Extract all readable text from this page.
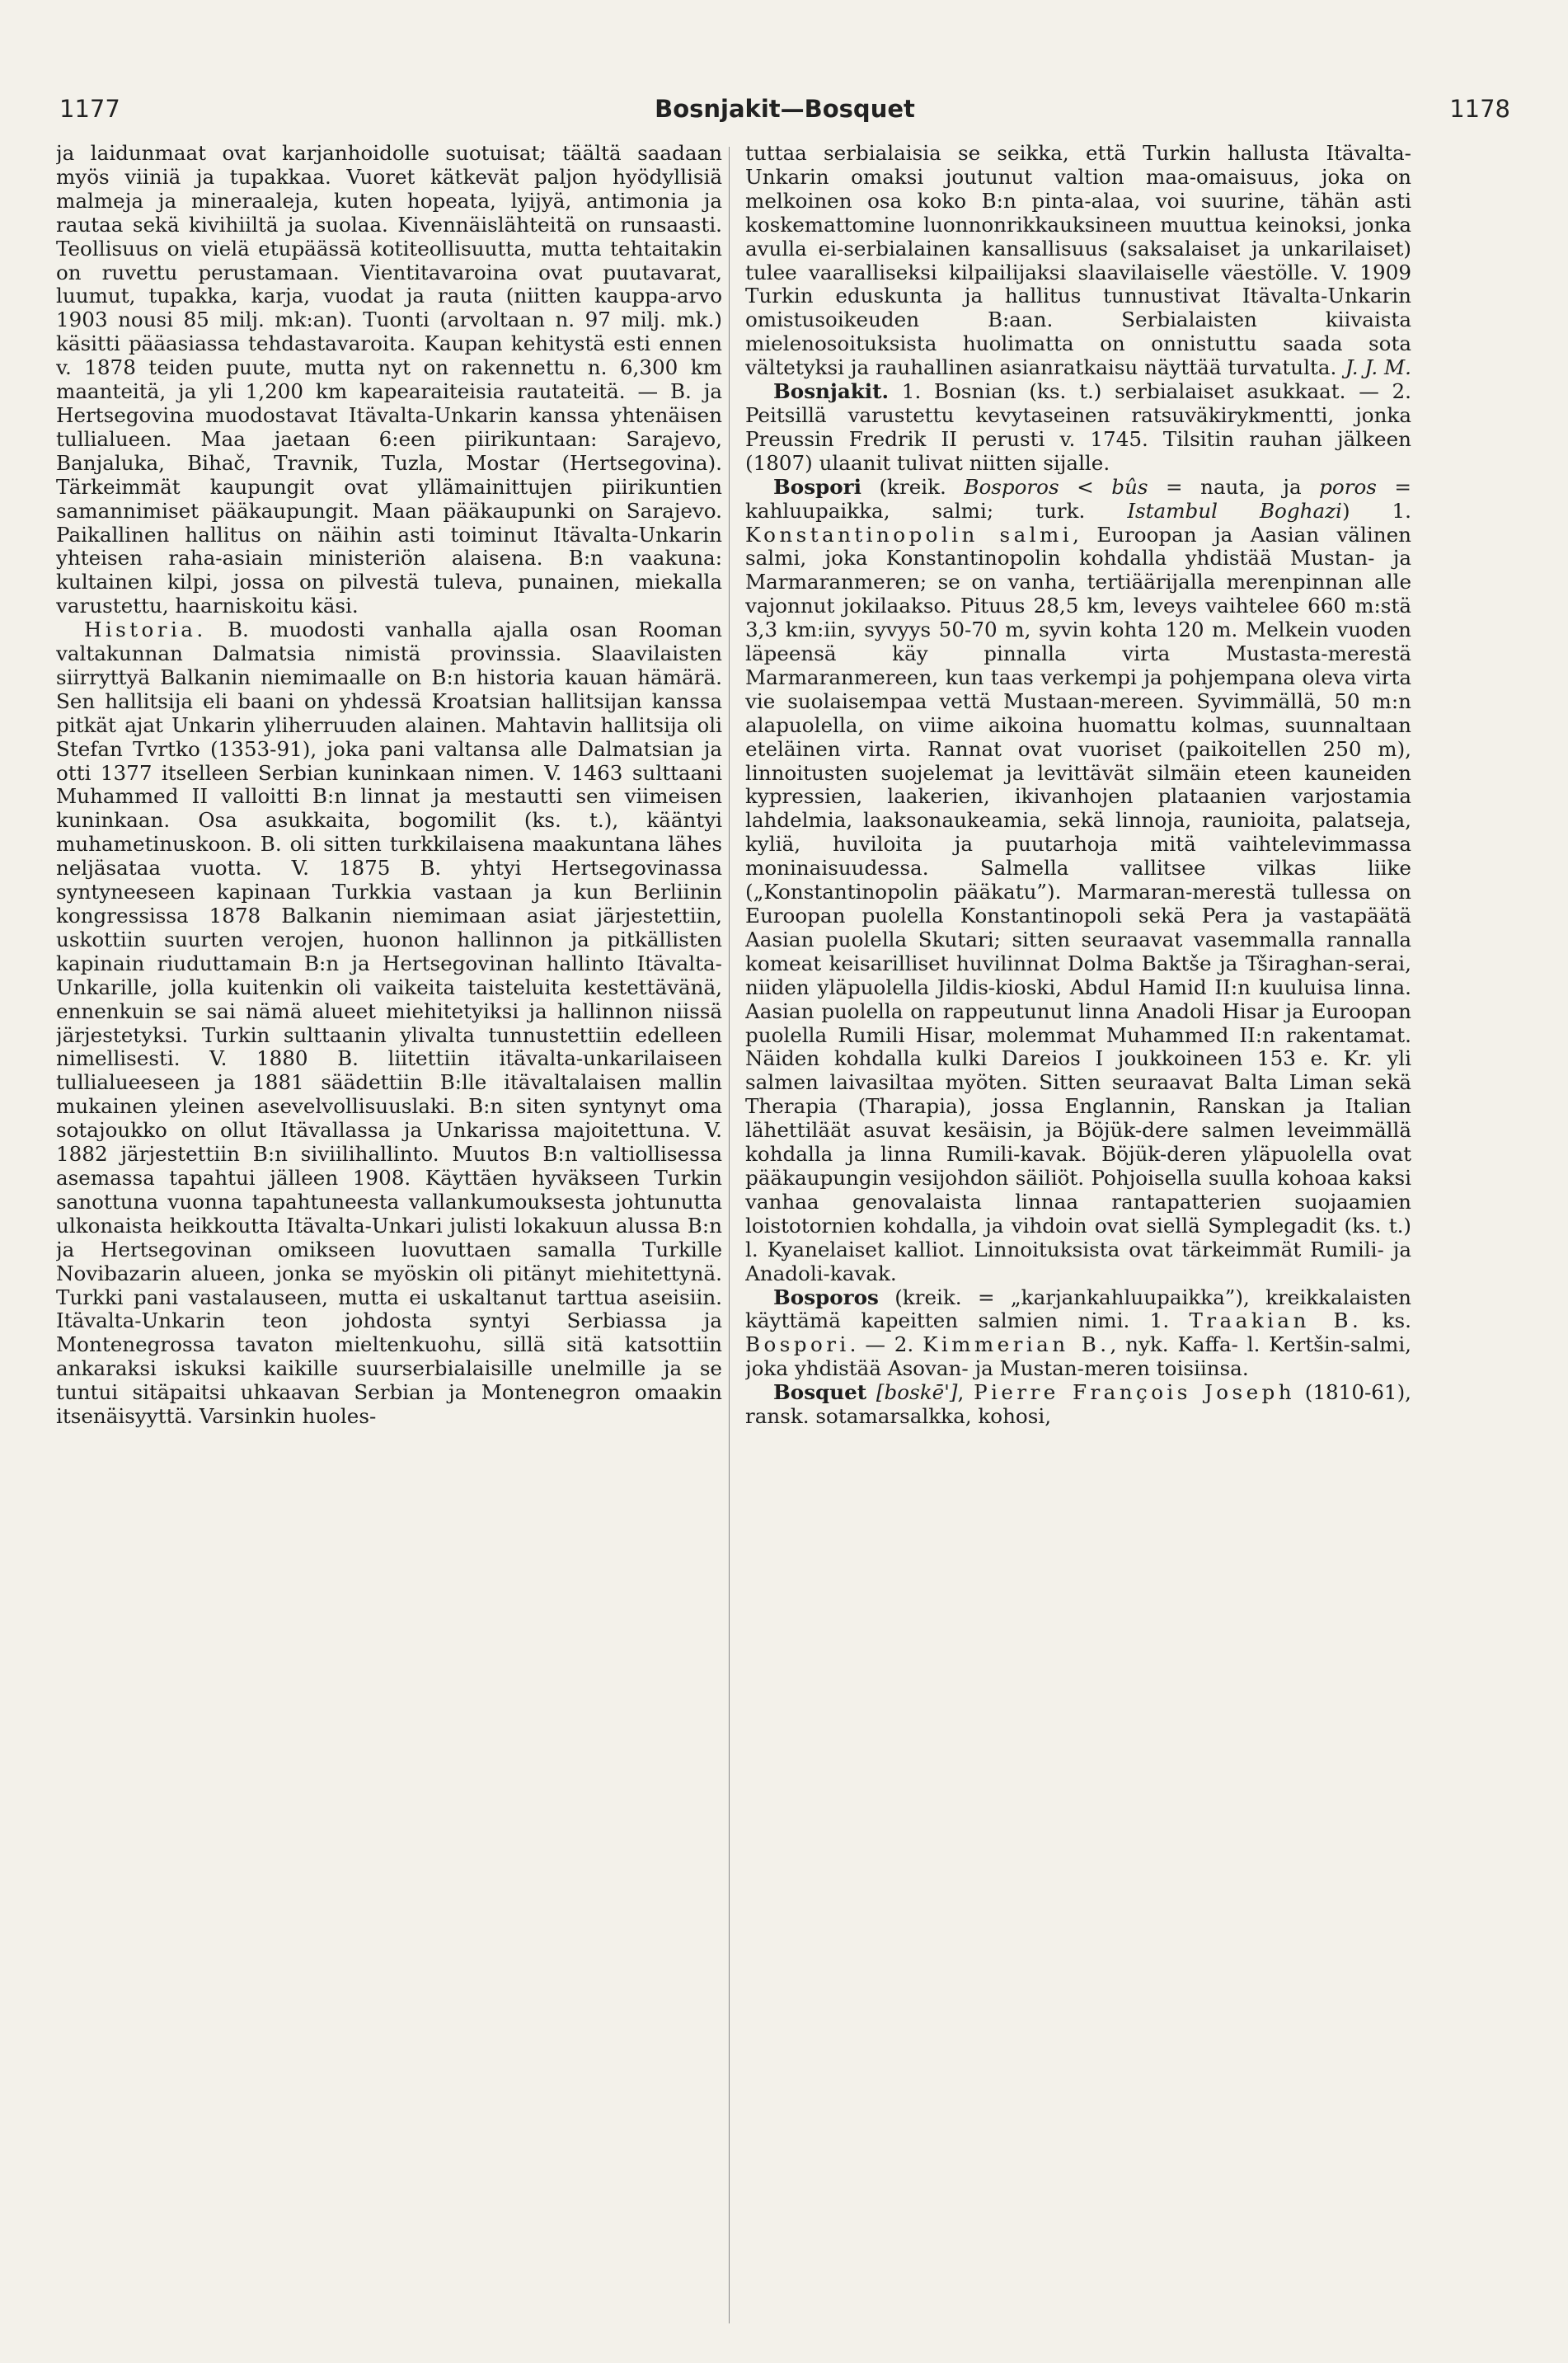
1177	Bosnjakit—Bosquet	1178

ja laidunmaat ovat karjanhoidolle suotuisat; täältä saadaan myös viiniä ja tupakkaa. Vuoret kätkevät paljon hyödyllisiä malmeja ja mineraaleja, kuten hopeata, lyijyä, antimonia ja rautaa sekä kivihiiltä ja suolaa. Kivennäislähteitä on runsaasti. Teollisuus on vielä etupäässä kotiteollisuutta, mutta tehtaitakin on ruvettu perustamaan. Vientitavaroina ovat puutavarat, luumut, tupakka, karja, vuodat ja rauta (niitten kauppa-arvo 1903 nousi 85 milj. mk:an). Tuonti (arvoltaan n. 97 milj. mk.) käsitti pääasiassa tehdastavaroita. Kaupan kehitystä esti ennen v. 1878 teiden puute, mutta nyt on rakennettu n. 6,300 km maanteitä, ja yli 1,200 km kapearaiteisia rautateitä. — B. ja Hertsegovina muodostavat Itävalta-Unkarin kanssa yhtenäisen tullialueen. Maa jaetaan 6:een piirikuntaan: Sarajevo, Banjaluka, Bihač, Travnik, Tuzla, Mostar (Hertsegovina). Tärkeimmät kaupungit ovat yllämainittujen piirikuntien samannimiset pääkaupungit. Maan pääkaupunki on Sarajevo. Paikallinen hallitus on näihin asti toiminut Itävalta-Unkarin yhteisen raha-asiain ministeriön alaisena. B:n vaakuna: kultainen kilpi, jossa on pilvestä tuleva, punainen, miekalla varustettu, haarniskoitu käsi.

Historia. B. muodosti vanhalla ajalla osan Rooman valtakunnan Dalmatsia nimistä provinssia. Slaavilaisten siirryttyä Balkanin niemimaalle on B:n historia kauan hämärä. Sen hallitsija eli baani on yhdessä Kroatsian hallitsijan kanssa pitkät ajat Unkarin yliherruuden alainen. Mahtavin hallitsija oli Stefan Tvrtko (1353-91), joka pani valtansa alle Dalmatsian ja otti 1377 itselleen Serbian kuninkaan nimen. V. 1463 sulttaani Muhammed II valloitti B:n linnat ja mestautti sen viimeisen kuninkaan. Osa asukkaita, bogomilit (ks. t.), kääntyi muhametinuskoon. B. oli sitten turkkilaisena maakuntana lähes neljäsataa vuotta. V. 1875 B. yhtyi Hertsegovinassa syntyneeseen kapinaan Turkkia vastaan ja kun Berliinin kongressissa 1878 Balkanin niemimaan asiat järjestettiin, uskottiin suurten verojen, huonon hallinnon ja pitkällisten kapinain riuduttamain B:n ja Hertsegovinan hallinto Itävalta-Unkarille, jolla kuitenkin oli vaikeita taisteluita kestettävänä, ennenkuin se sai nämä alueet miehitetyiksi ja hallinnon niissä järjestetyksi. Turkin sulttaanin ylivalta tunnustettiin edelleen nimellisesti. V. 1880 B. liitettiin itävalta-unkarilaiseen tullialueeseen ja 1881 säädettiin B:lle itävaltalaisen mallin mukainen yleinen asevelvollisuuslaki. B:n siten syntynyt oma sotajoukko on ollut Itävallassa ja Unkarissa majoitettuna. V. 1882 järjestettiin B:n siviilihallinto. Muutos B:n valtiollisessa asemassa tapahtui jälleen 1908. Käyttäen hyväkseen Turkin sanottuna vuonna tapahtuneesta vallankumouksesta johtunutta ulkonaista heikkoutta Itävalta-Unkari julisti lokakuun alussa B:n ja Hertsegovinan omikseen luovuttaen samalla Turkille Novibazarin alueen, jonka se myöskin oli pitänyt miehitettynä. Turkki pani vastalauseen, mutta ei uskaltanut tarttua aseisiin. Itävalta-Unkarin teon johdosta syntyi Serbiassa ja Montenegrossa tavaton mieltenkuohu, sillä sitä katsottiin ankaraksi iskuksi kaikille suurserbialaisille unelmille ja se tuntui sitäpaitsi uhkaavan Serbian ja Montenegron omaakin itsenäisyyttä. Varsinkin huoles-

tuttaa serbialaisia se seikka, että Turkin hallusta Itävalta-Unkarin omaksi joutunut valtion maa-omaisuus, joka on melkoinen osa koko B:n pinta-alaa, voi suurine, tähän asti koskemattomine luonnonrikkauksineen muuttua keinoksi, jonka avulla ei-serbialainen kansallisuus (saksalaiset ja unkarilaiset) tulee vaaralliseksi kilpailijaksi slaavilaiselle väestölle. V. 1909 Turkin eduskunta ja hallitus tunnustivat Itävalta-Unkarin omistusoikeuden B:aan. Serbialaisten kiivaista mielenosoituksista huolimatta on onnistuttu saada sota vältetyksi ja rauhallinen asianratkaisu näyttää turvatulta. J. J. M.

Bosnjakit. 1. Bosnian (ks. t.) serbialaiset asukkaat. — 2. Peitsillä varustettu kevytaseinen ratsuväkirykmentti, jonka Preussin Fredrik II perusti v. 1745. Tilsitin rauhan jälkeen (1807) ulaanit tulivat niitten sijalle.

Bospori (kreik. Bosporos < bûs = nauta, ja poros = kahluupaikka, salmi; turk. Istambul Boghazi) 1. Konstantinopolin salmi, Euroopan ja Aasian välinen salmi, joka Konstantinopolin kohdalla yhdistää Mustan- ja Marmaranmeren; se on vanha, tertiäärijalla merenpinnan alle vajonnut jokilaakso. Pituus 28,5 km, leveys vaihtelee 660 m:stä 3,3 km:iin, syvyys 50-70 m, syvin kohta 120 m. Melkein vuoden läpeensä käy pinnalla virta Mustasta-merestä Marmaranmereen, kun taas verkempi ja pohjempana oleva virta vie suolaisempaa vettä Mustaan-mereen. Syvimmällä, 50 m:n alapuolella, on viime aikoina huomattu kolmas, suunnaltaan eteläinen virta. Rannat ovat vuoriset (paikoitellen 250 m), linnoitusten suojelemat ja levittävät silmäin eteen kauneiden kypressien, laakerien, ikivanhojen plataanien varjostamia lahdelmia, laaksonaukeamia, sekä linnoja, raunioita, palatseja, kyliä, huviloita ja puutarhoja mitä vaihtelevimmassa moninaisuudessa. Salmella vallitsee vilkas liike („Konstantinopolin pääkatu”). Marmaran-merestä tullessa on Euroopan puolella Konstantinopoli sekä Pera ja vastapäätä Aasian puolella Skutari; sitten seuraavat vasemmalla rannalla komeat keisarilliset huvilinnat Dolma Baktše ja Tširaghan-serai, niiden yläpuolella Jildis-kioski, Abdul Hamid II:n kuuluisa linna. Aasian puolella on rappeutunut linna Anadoli Hisar ja Euroopan puolella Rumili Hisar, molemmat Muhammed II:n rakentamat. Näiden kohdalla kulki Dareios I joukkoineen 153 e. Kr. yli salmen laivasiltaa myöten. Sitten seuraavat Balta Liman sekä Therapia (Tharapia), jossa Englannin, Ranskan ja Italian lähettiläät asuvat kesäisin, ja Böjük-dere salmen leveimmällä kohdalla ja linna Rumili-kavak. Böjük-deren yläpuolella ovat pääkaupungin vesijohdon säiliöt. Pohjoisella suulla kohoaa kaksi vanhaa genovalaista linnaa rantapatterien suojaamien loistotornien kohdalla, ja vihdoin ovat siellä Symplegadit (ks. t.) l. Kyanelaiset kalliot. Linnoituksista ovat tärkeimmät Rumili- ja Anadoli-kavak.

Bosporos (kreik. = „karjankahluupaikka”), kreikkalaisten käyttämä kapeitten salmien nimi. 1. Traakian B. ks. Bospori. — 2. Kimmerian B., nyk. Kaffa- l. Kertšin-salmi, joka yhdistää Asovan- ja Mustan-meren toisiinsa.

Bosquet [boskē'], Pierre François Joseph (1810-61), ransk. sotamarsalkka, kohosi,
